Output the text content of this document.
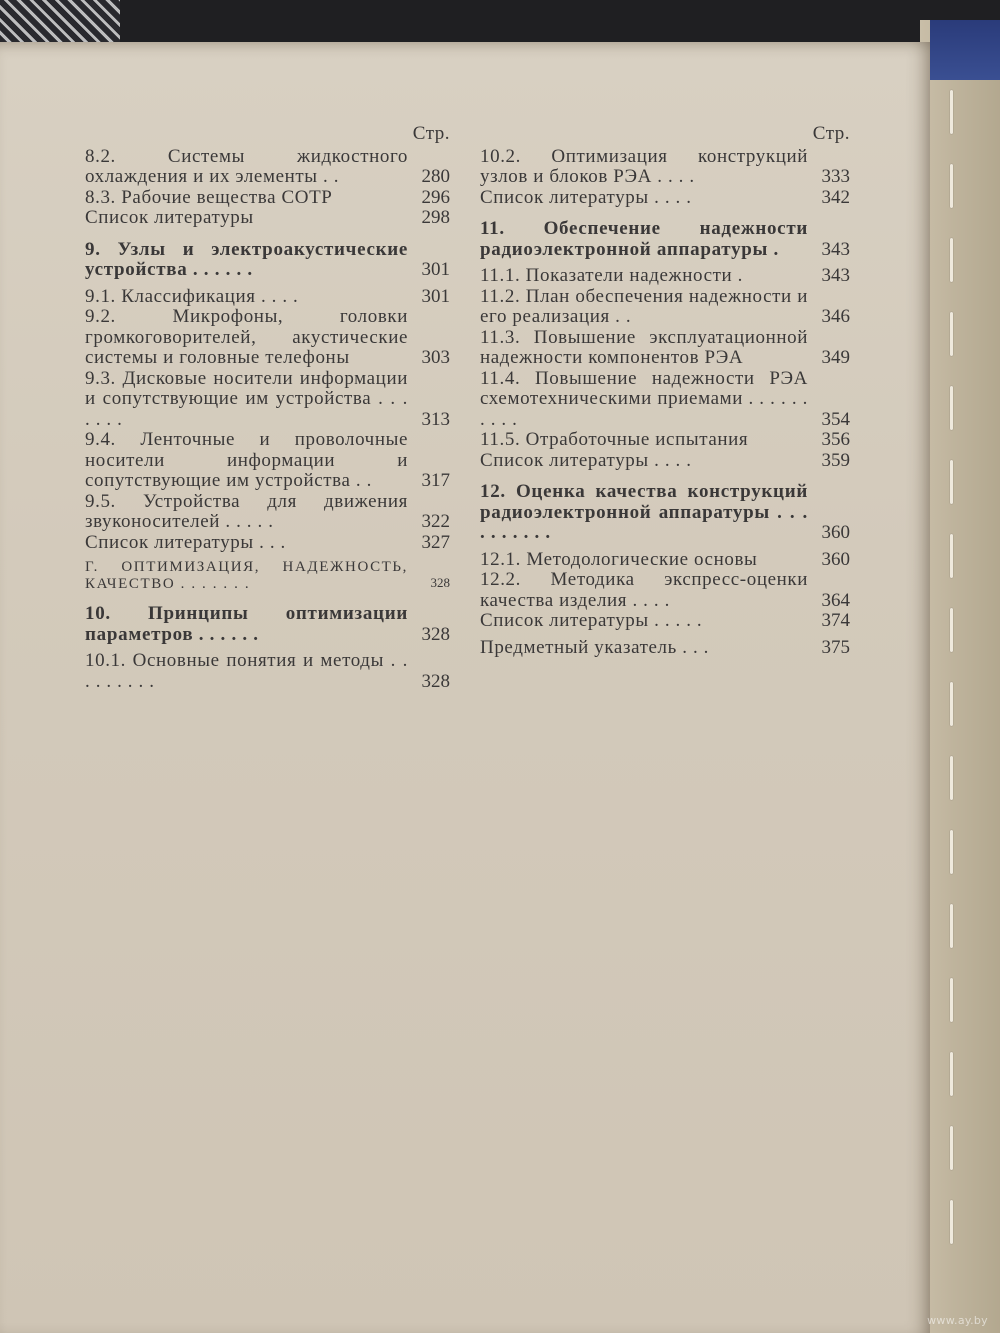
Стр.
8.2. Системы жидкостного охлаждения и их элементы . .	280
8.3. Рабочие вещества СОТР	296
Список литературы	298
9. Узлы и электроакустические устройства . . . . . .	301
9.1. Классификация . . . .	301
9.2. Микрофоны, головки громкоговорителей, акустические системы и головные телефоны	303
9.3. Дисковые носители информации и сопутствующие им устройства . . . . . . .	313
9.4. Ленточные и проволочные носители информации и сопутствующие им устройства . .	317
9.5. Устройства для движения звуконосителей . . . . .	322
Список литературы . . .	327
Г. ОПТИМИЗАЦИЯ, НАДЕЖНОСТЬ, КАЧЕСТВО . . . . . . .	328
10. Принципы оптимизации параметров . . . . . .	328
10.1. Основные понятия и методы . . . . . . . . .	328
Стр.
10.2. Оптимизация конструкций узлов и блоков РЭА . . . .	333
Список литературы . . . .	342
11. Обеспечение надежности радиоэлектронной аппаратуры .	343
11.1. Показатели надежности .	343
11.2. План обеспечения надежности и его реализация . .	346
11.3. Повышение эксплуатационной надежности компонентов РЭА	349
11.4. Повышение надежности РЭА схемотехническими приемами . . . . . . . . . .	354
11.5. Отработочные испытания	356
Список литературы . . . .	359
12. Оценка качества конструкций радиоэлектронной аппаратуры . . . . . . . . . .	360
12.1. Методологические основы	360
12.2. Методика экспресс-оценки качества изделия . . . .	364
Список литературы . . . . .	374
Предметный указатель . . .	375
www.ay.by
